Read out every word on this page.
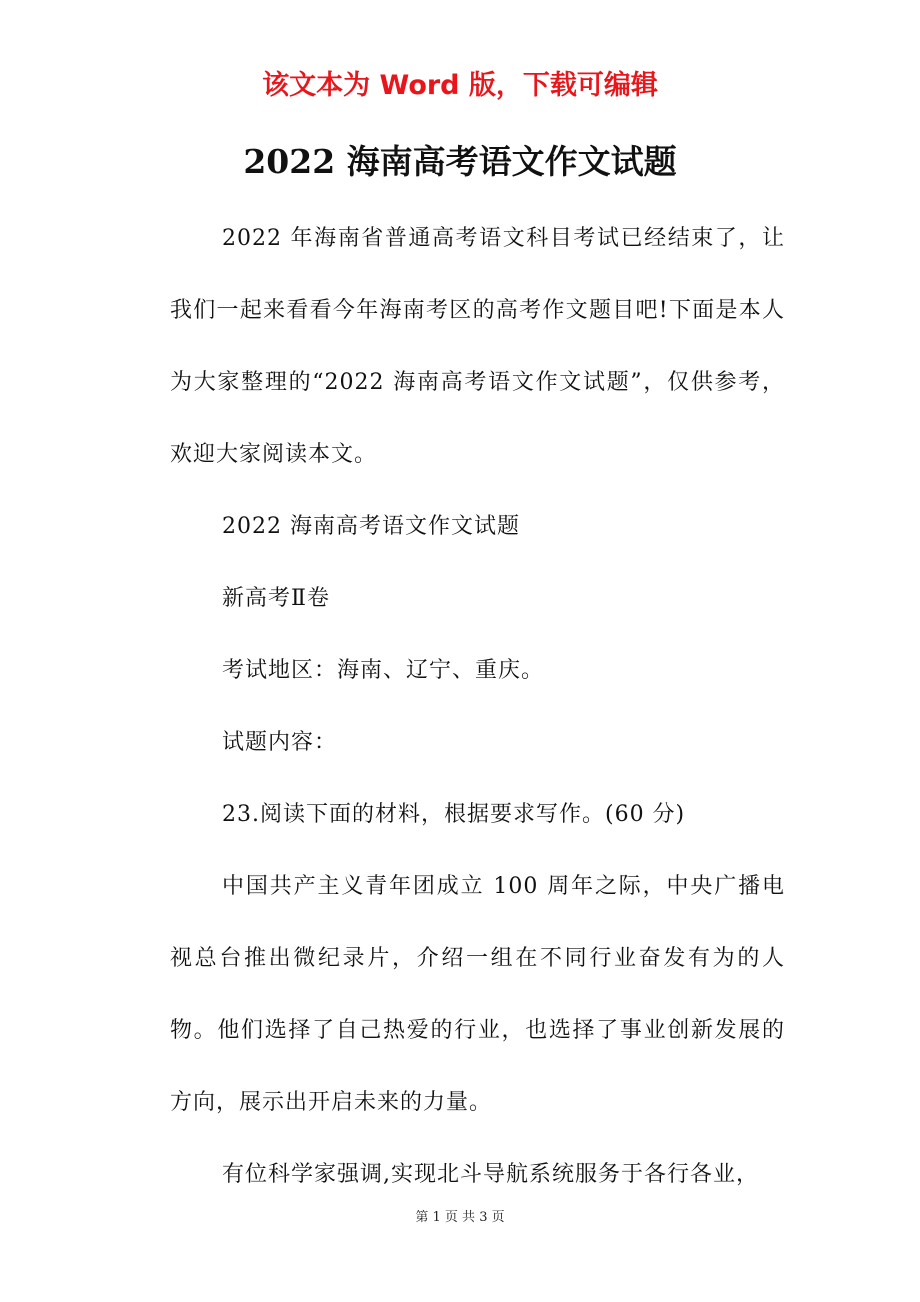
该文本为 Word 版，下载可编辑
2022 海南高考语文作文试题

2022 年海南省普通高考语文科目考试已经结束了，让我们一起来看看今年海南考区的高考作文题目吧!下面是本人为大家整理的“2022 海南高考语文作文试题”，仅供参考，欢迎大家阅读本文。

2022 海南高考语文作文试题

新高考Ⅱ卷

考试地区：海南、辽宁、重庆。

试题内容：

23.阅读下面的材料，根据要求写作。(60 分)

中国共产主义青年团成立 100 周年之际，中央广播电视总台推出微纪录片，介绍一组在不同行业奋发有为的人物。他们选择了自己热爱的行业，也选择了事业创新发展的方向，展示出开启未来的力量。

有位科学家强调,实现北斗导航系统服务于各行各业，

第 1 页 共 3 页
